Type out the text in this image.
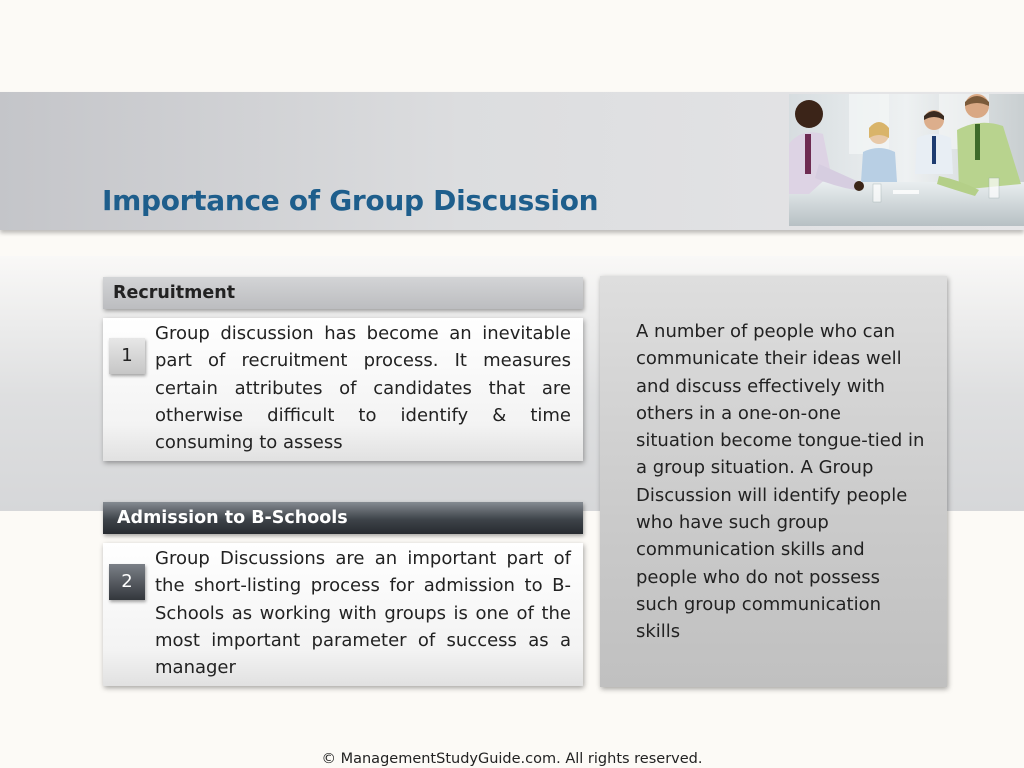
Importance of Group Discussion
Recruitment
1
Group discussion has become an inevitable part of recruitment process. It measures certain attributes of candidates that are otherwise difficult to identify & time consuming to assess
Admission to B-Schools
2
Group Discussions are an important part of the short-listing process for admission to B-Schools as working with groups is one of the most important parameter of success as a manager
A number of people who can communicate their ideas well and discuss effectively with others in a one-on-one situation become tongue-tied in a group situation. A Group Discussion will identify people who have such group communication skills and people who do not possess such group communication skills
© ManagementStudyGuide.com. All rights reserved.
